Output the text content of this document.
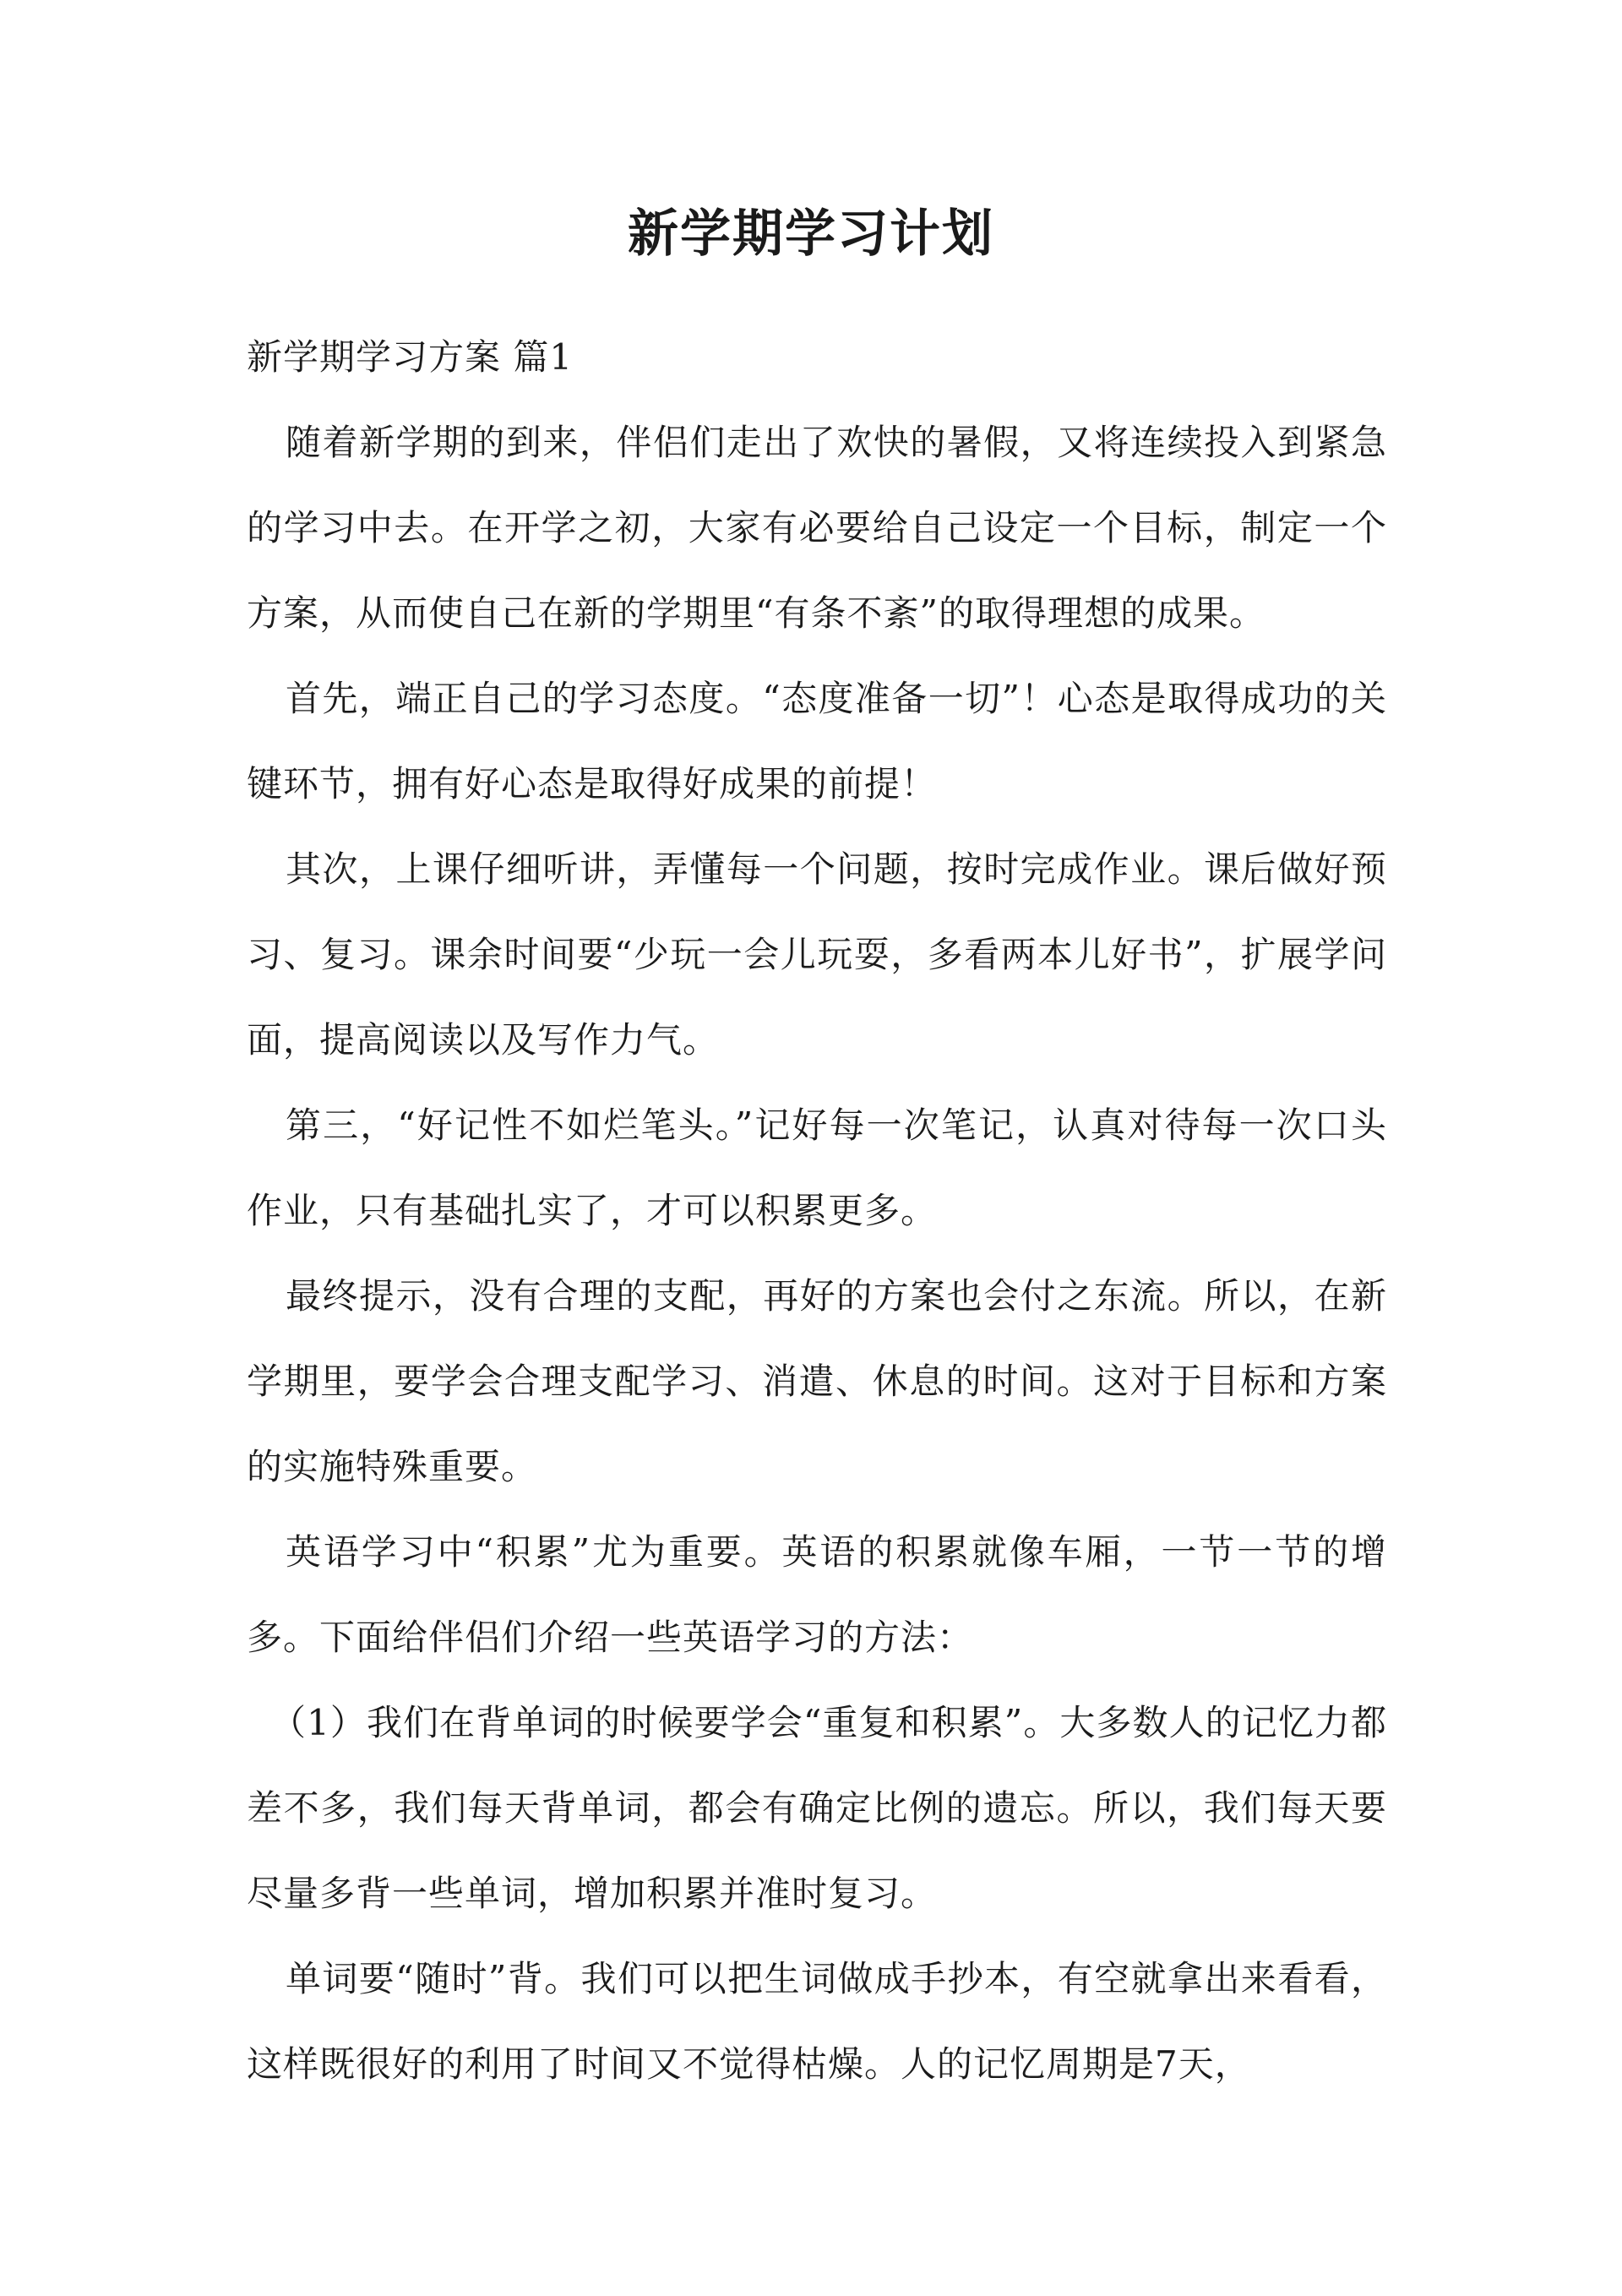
新学期学习计划

新学期学习方案 篇1

随着新学期的到来，伴侣们走出了欢快的暑假，又将连续投入到紧急的学习中去。在开学之初，大家有必要给自己设定一个目标，制定一个方案，从而使自己在新的学期里“有条不紊”的取得理想的成果。

首先，端正自己的学习态度。“态度准备一切”！心态是取得成功的关键环节，拥有好心态是取得好成果的前提！

其次，上课仔细听讲，弄懂每一个问题，按时完成作业。课后做好预习、复习。课余时间要“少玩一会儿玩耍，多看两本儿好书”，扩展学问面，提高阅读以及写作力气。

第三，“好记性不如烂笔头。”记好每一次笔记，认真对待每一次口头作业，只有基础扎实了，才可以积累更多。

最终提示，没有合理的支配，再好的方案也会付之东流。所以，在新学期里，要学会合理支配学习、消遣、休息的时间。这对于目标和方案的实施特殊重要。

英语学习中“积累”尤为重要。英语的积累就像车厢，一节一节的增多。下面给伴侣们介绍一些英语学习的方法：

（1）我们在背单词的时候要学会“重复和积累”。大多数人的记忆力都差不多，我们每天背单词，都会有确定比例的遗忘。所以，我们每天要尽量多背一些单词，增加积累并准时复习。

单词要“随时”背。我们可以把生词做成手抄本，有空就拿出来看看，这样既很好的利用了时间又不觉得枯燥。人的记忆周期是7天，
